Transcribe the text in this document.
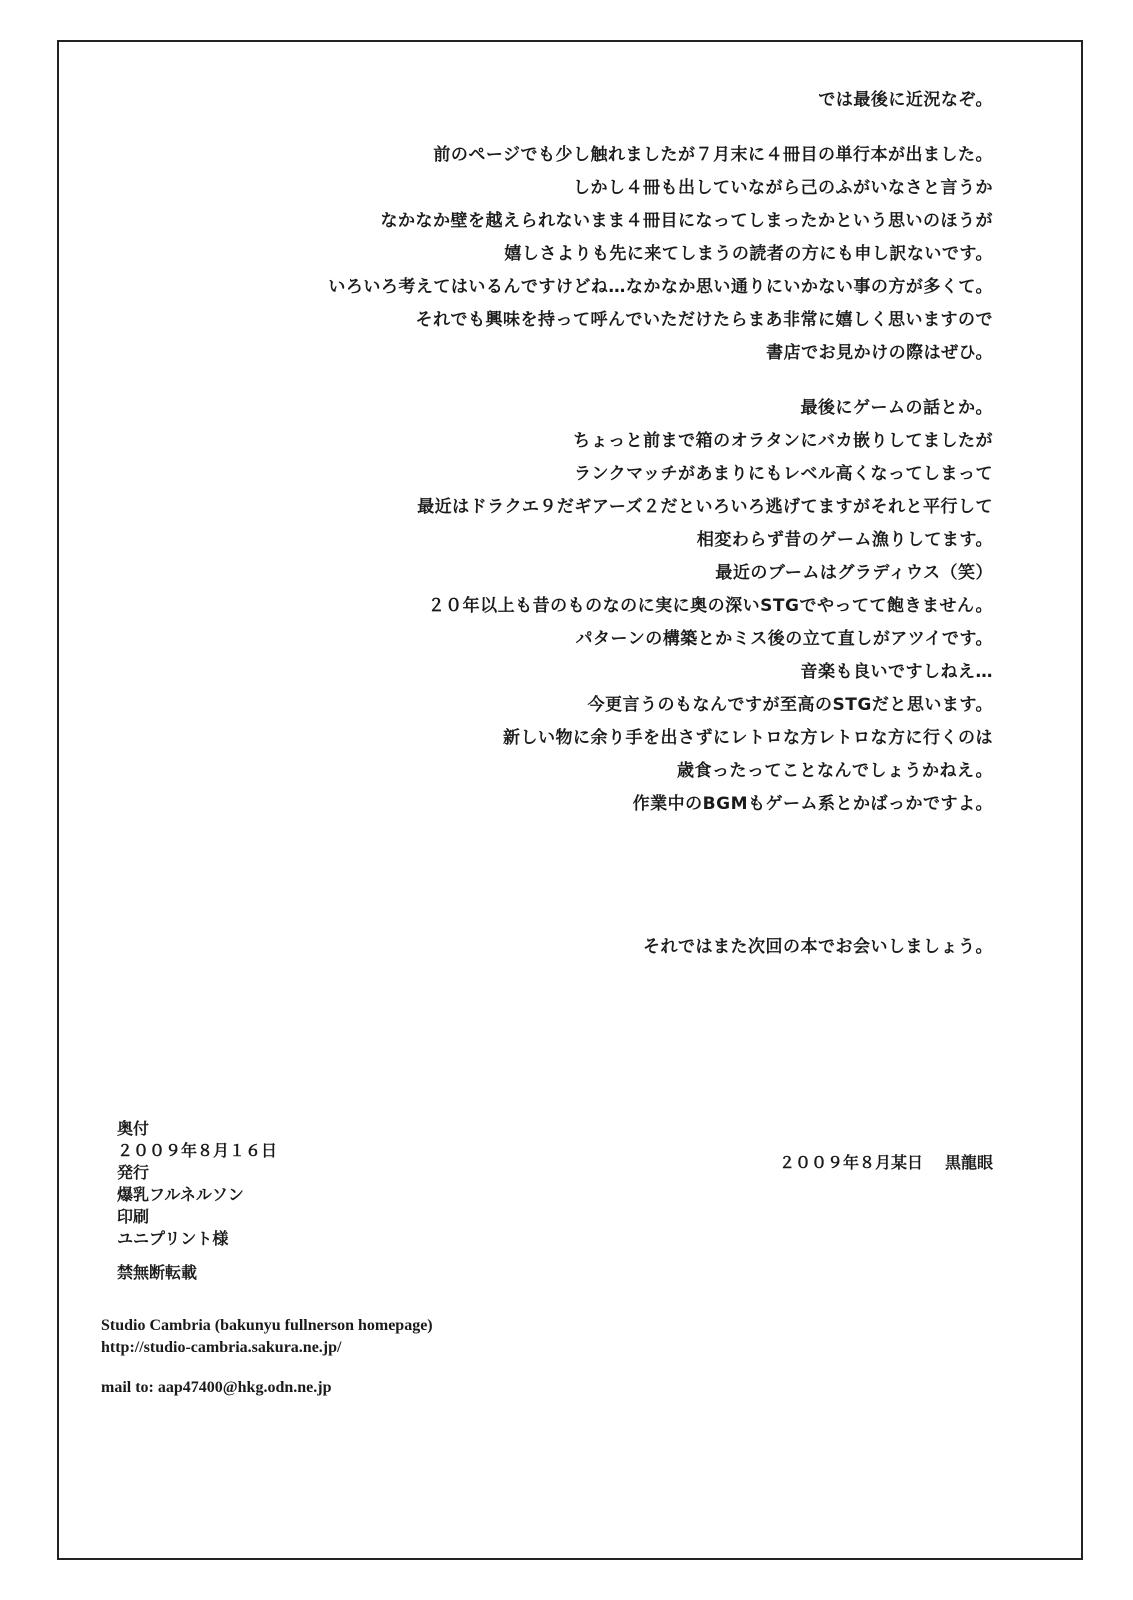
では最後に近況なぞ。
前のページでも少し触れましたが７月末に４冊目の単行本が出ました。
しかし４冊も出していながら己のふがいなさと言うか
なかなか壁を越えられないまま４冊目になってしまったかという思いのほうが
嬉しさよりも先に来てしまうの読者の方にも申し訳ないです。
いろいろ考えてはいるんですけどね…なかなか思い通りにいかない事の方が多くて。
それでも興味を持って呼んでいただけたらまあ非常に嬉しく思いますので
書店でお見かけの際はぜひ。
最後にゲームの話とか。
ちょっと前まで箱のオラタンにバカ嵌りしてましたが
ランクマッチがあまりにもレベル高くなってしまって
最近はドラクエ９だギアーズ２だといろいろ逃げてますがそれと平行して
相変わらず昔のゲーム漁りしてます。
最近のブームはグラディウス（笑）
２０年以上も昔のものなのに実に奥の深いSTGでやってて飽きません。
パターンの構築とかミス後の立て直しがアツイです。
音楽も良いですしねえ…
今更言うのもなんですが至高のSTGだと思います。
新しい物に余り手を出さずにレトロな方レトロな方に行くのは
歳食ったってことなんでしょうかねえ。
作業中のBGMもゲーム系とかばっかですよ。
それではまた次回の本でお会いしましょう。
２００９年８月某日 黒龍眼
奥付
２００９年８月１６日
発行
爆乳フルネルソン
印刷
ユニプリント様
禁無断転載
Studio Cambria (bakunyu fullnerson homepage)
http://studio-cambria.sakura.ne.jp/
mail to: aap47400@hkg.odn.ne.jp
